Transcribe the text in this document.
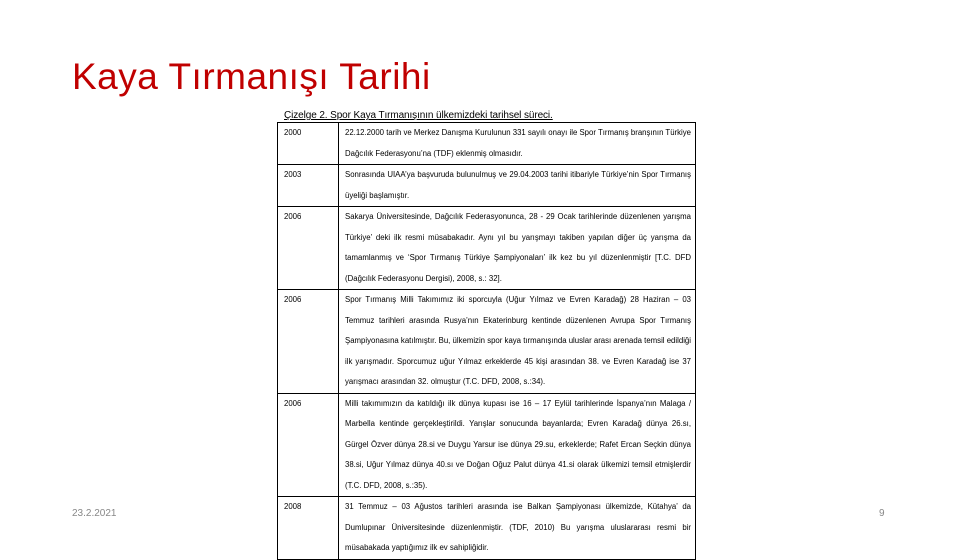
Kaya Tırmanışı Tarihi
Çizelge 2. Spor Kaya Tırmanışının ülkemizdeki tarihsel süreci.
2000	22.12.2000 tarih ve Merkez Danışma Kurulunun 331 sayılı onayı ile Spor Tırmanış branşının Türkiye Dağcılık Federasyonu’na (TDF) eklenmiş olmasıdır.
2003	Sonrasında UIAA’ya başvuruda bulunulmuş ve 29.04.2003 tarihi itibariyle Türkiye’nin Spor Tırmanış üyeliği başlamıştır.
2006	Sakarya Üniversitesinde, Dağcılık Federasyonunca, 28 - 29 Ocak tarihlerinde düzenlenen yarışma Türkiye’ deki ilk resmi müsabakadır. Aynı yıl bu yarışmayı takiben yapılan diğer üç yarışma da tamamlanmış ve ‘Spor Tırmanış Türkiye Şampiyonaları’ ilk kez bu yıl düzenlenmiştir [T.C. DFD (Dağcılık Federasyonu Dergisi), 2008, s.: 32].
2006	Spor Tırmanış Milli Takımımız iki sporcuyla (Uğur Yılmaz ve Evren Karadağ) 28 Haziran – 03 Temmuz tarihleri arasında Rusya’nın Ekaterinburg kentinde düzenlenen Avrupa Spor Tırmanış Şampiyonasına katılmıştır. Bu, ülkemizin spor kaya tırmanışında uluslar arası arenada temsil edildiği ilk yarışmadır. Sporcumuz uğur Yılmaz erkeklerde 45 kişi arasından 38. ve Evren Karadağ ise 37 yarışmacı arasından 32. olmuştur (T.C. DFD, 2008, s.:34).
2006	Milli takımımızın da katıldığı ilk dünya kupası ise 16 – 17 Eylül tarihlerinde İspanya’nın Malaga / Marbella kentinde gerçekleştirildi. Yarışlar sonucunda bayanlarda; Evren Karadağ dünya 26.sı, Gürgel Özver dünya 28.si ve Duygu Yarsur ise dünya 29.su, erkeklerde; Rafet Ercan Seçkin dünya 38.si, Uğur Yılmaz dünya 40.sı ve Doğan Oğuz Palut dünya 41.si olarak ülkemizi temsil etmişlerdir (T.C. DFD, 2008, s.:35).
2008	31 Temmuz – 03 Ağustos tarihleri arasında ise Balkan Şampiyonası ülkemizde, Kütahya’ da Dumlupınar Üniversitesinde düzenlenmiştir. (TDF, 2010) Bu yarışma uluslararası resmi bir müsabakada yaptığımız ilk ev sahipliğidir.
23.2.2021	9
